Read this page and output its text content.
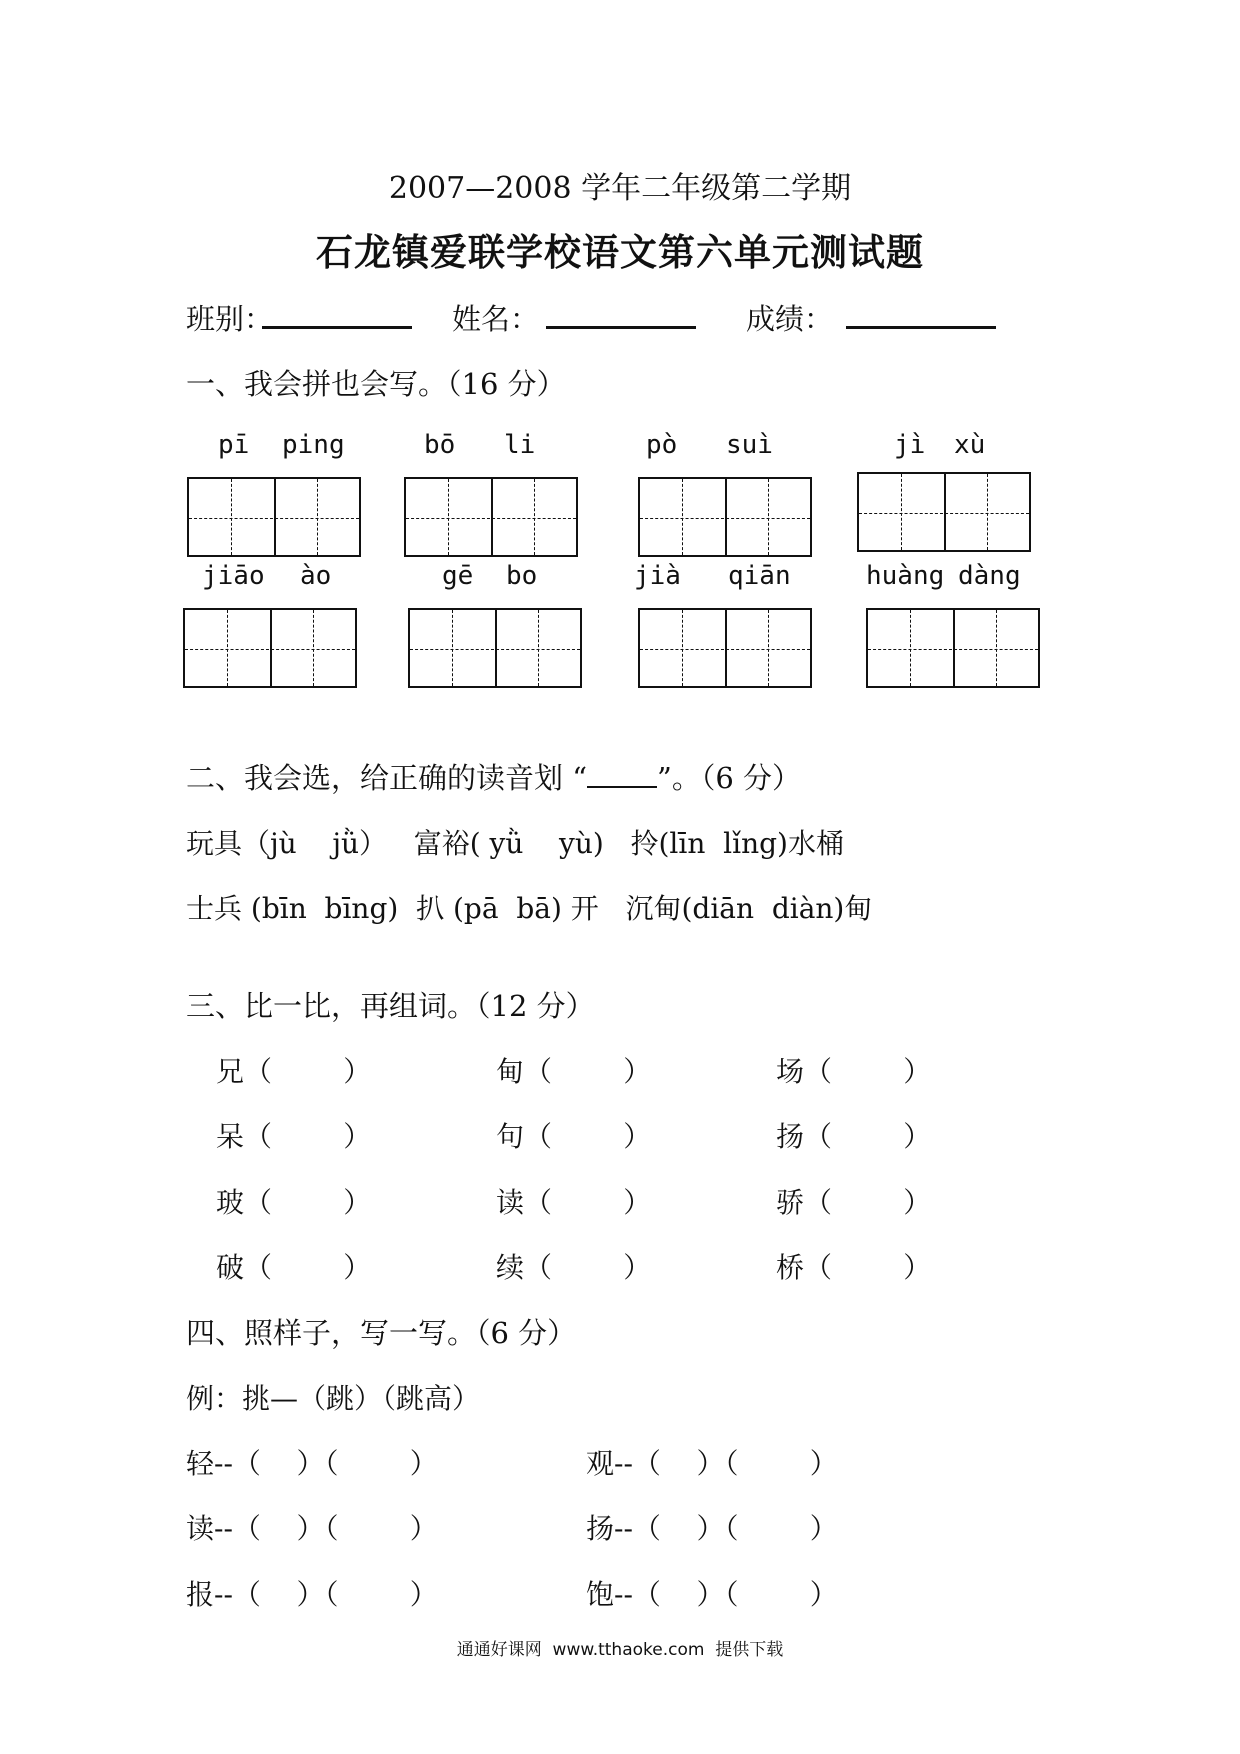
2007—2008 学年二年级第二学期
石龙镇爱联学校语文第六单元测试题
班别：	姓名：	成绩：
一、我会拼也会写。（16 分）
pī ping	bō li	pò suì	jì xù
jiāo ào	gē bo	jià qiān	huàng dàng
二、我会选，给正确的读音划 “ ”。（6 分）
玩具（jù    jǜ）   富裕( yǜ    yù)   拎(līn  lǐng)水桶
士兵 (bīn  bīng)  扒 (pā  bā) 开   沉甸(diān  diàn)甸
三、比一比，再组词。（12 分）
兄（        ）	甸（        ）	场（        ）
呆（        ）	句（        ）	扬（        ）
玻（        ）	读（        ）	骄（        ）
破（        ）	续（        ）	桥（        ）
四、照样子，写一写。（6 分）
例：挑—（跳）（跳高）
轻--（    ）（        ）	观--（    ）（        ）
读--（    ）（        ）	扬--（    ）（        ）
报--（    ）（        ）	饱--（    ）（        ）
通通好课网  www.tthaoke.com  提供下载
